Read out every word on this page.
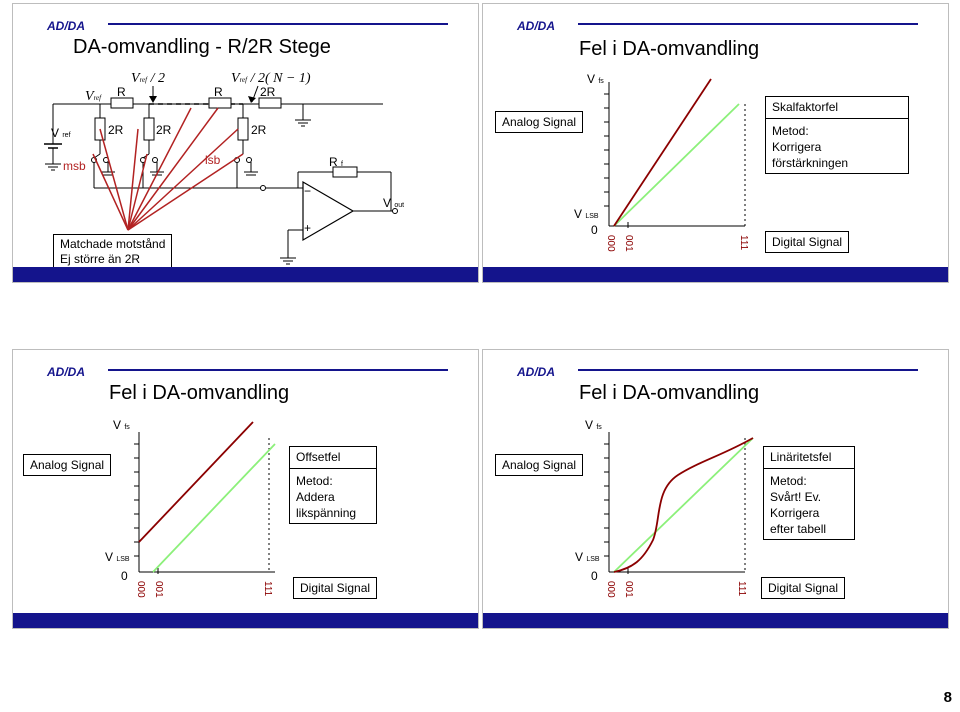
AD/DA
DA-omvandling - R/2R Stege
Vref / 2	Vref / 2( N − 1)
Vref R	R	2R
V ref	2R	2R	2R
msb	lsb	R f
V out
−
+
Matchade motstånd
Ej större än 2R
AD/DA
Fel i DA-omvandling
Analog Signal
V fs
V LSB
0
000 001	111	Digital Signal
Skalfaktorfel
Metod:
Korrigera
förstärkningen
AD/DA
Fel i DA-omvandling
Analog Signal
V fs
V LSB
0
000 001	111	Digital Signal
Offsetfel
Metod:
Addera
likspänning
AD/DA
Fel i DA-omvandling
Analog Signal
V fs
V LSB
0
000 001	111	Digital Signal
Linäritetsfel
Metod:
Svårt! Ev.
Korrigera
efter tabell
8
